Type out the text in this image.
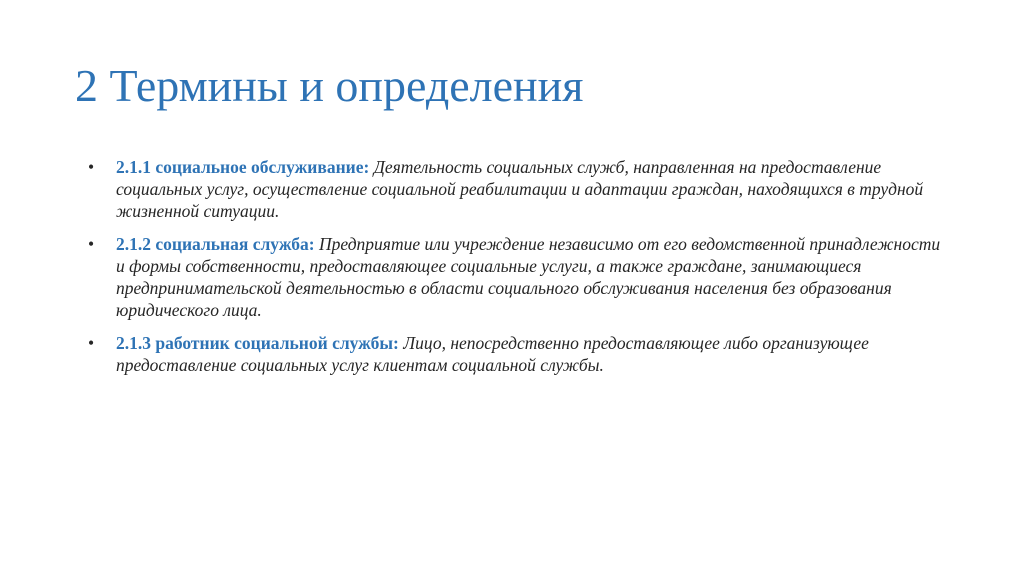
2 Термины и определения
• 2.1.1 социальное обслуживание: Деятельность социальных служб, направленная на предоставление социальных услуг, осуществление социальной реабилитации и адаптации граждан, находящихся в трудной жизненной ситуации.
• 2.1.2 социальная служба: Предприятие или учреждение независимо от его ведомственной принадлежности и формы собственности, предоставляющее социальные услуги, а также граждане, занимающиеся предпринимательской деятельностью в области социального обслуживания населения без образования юридического лица.
• 2.1.3 работник социальной службы: Лицо, непосредственно предоставляющее либо организующее предоставление социальных услуг клиентам социальной службы.
